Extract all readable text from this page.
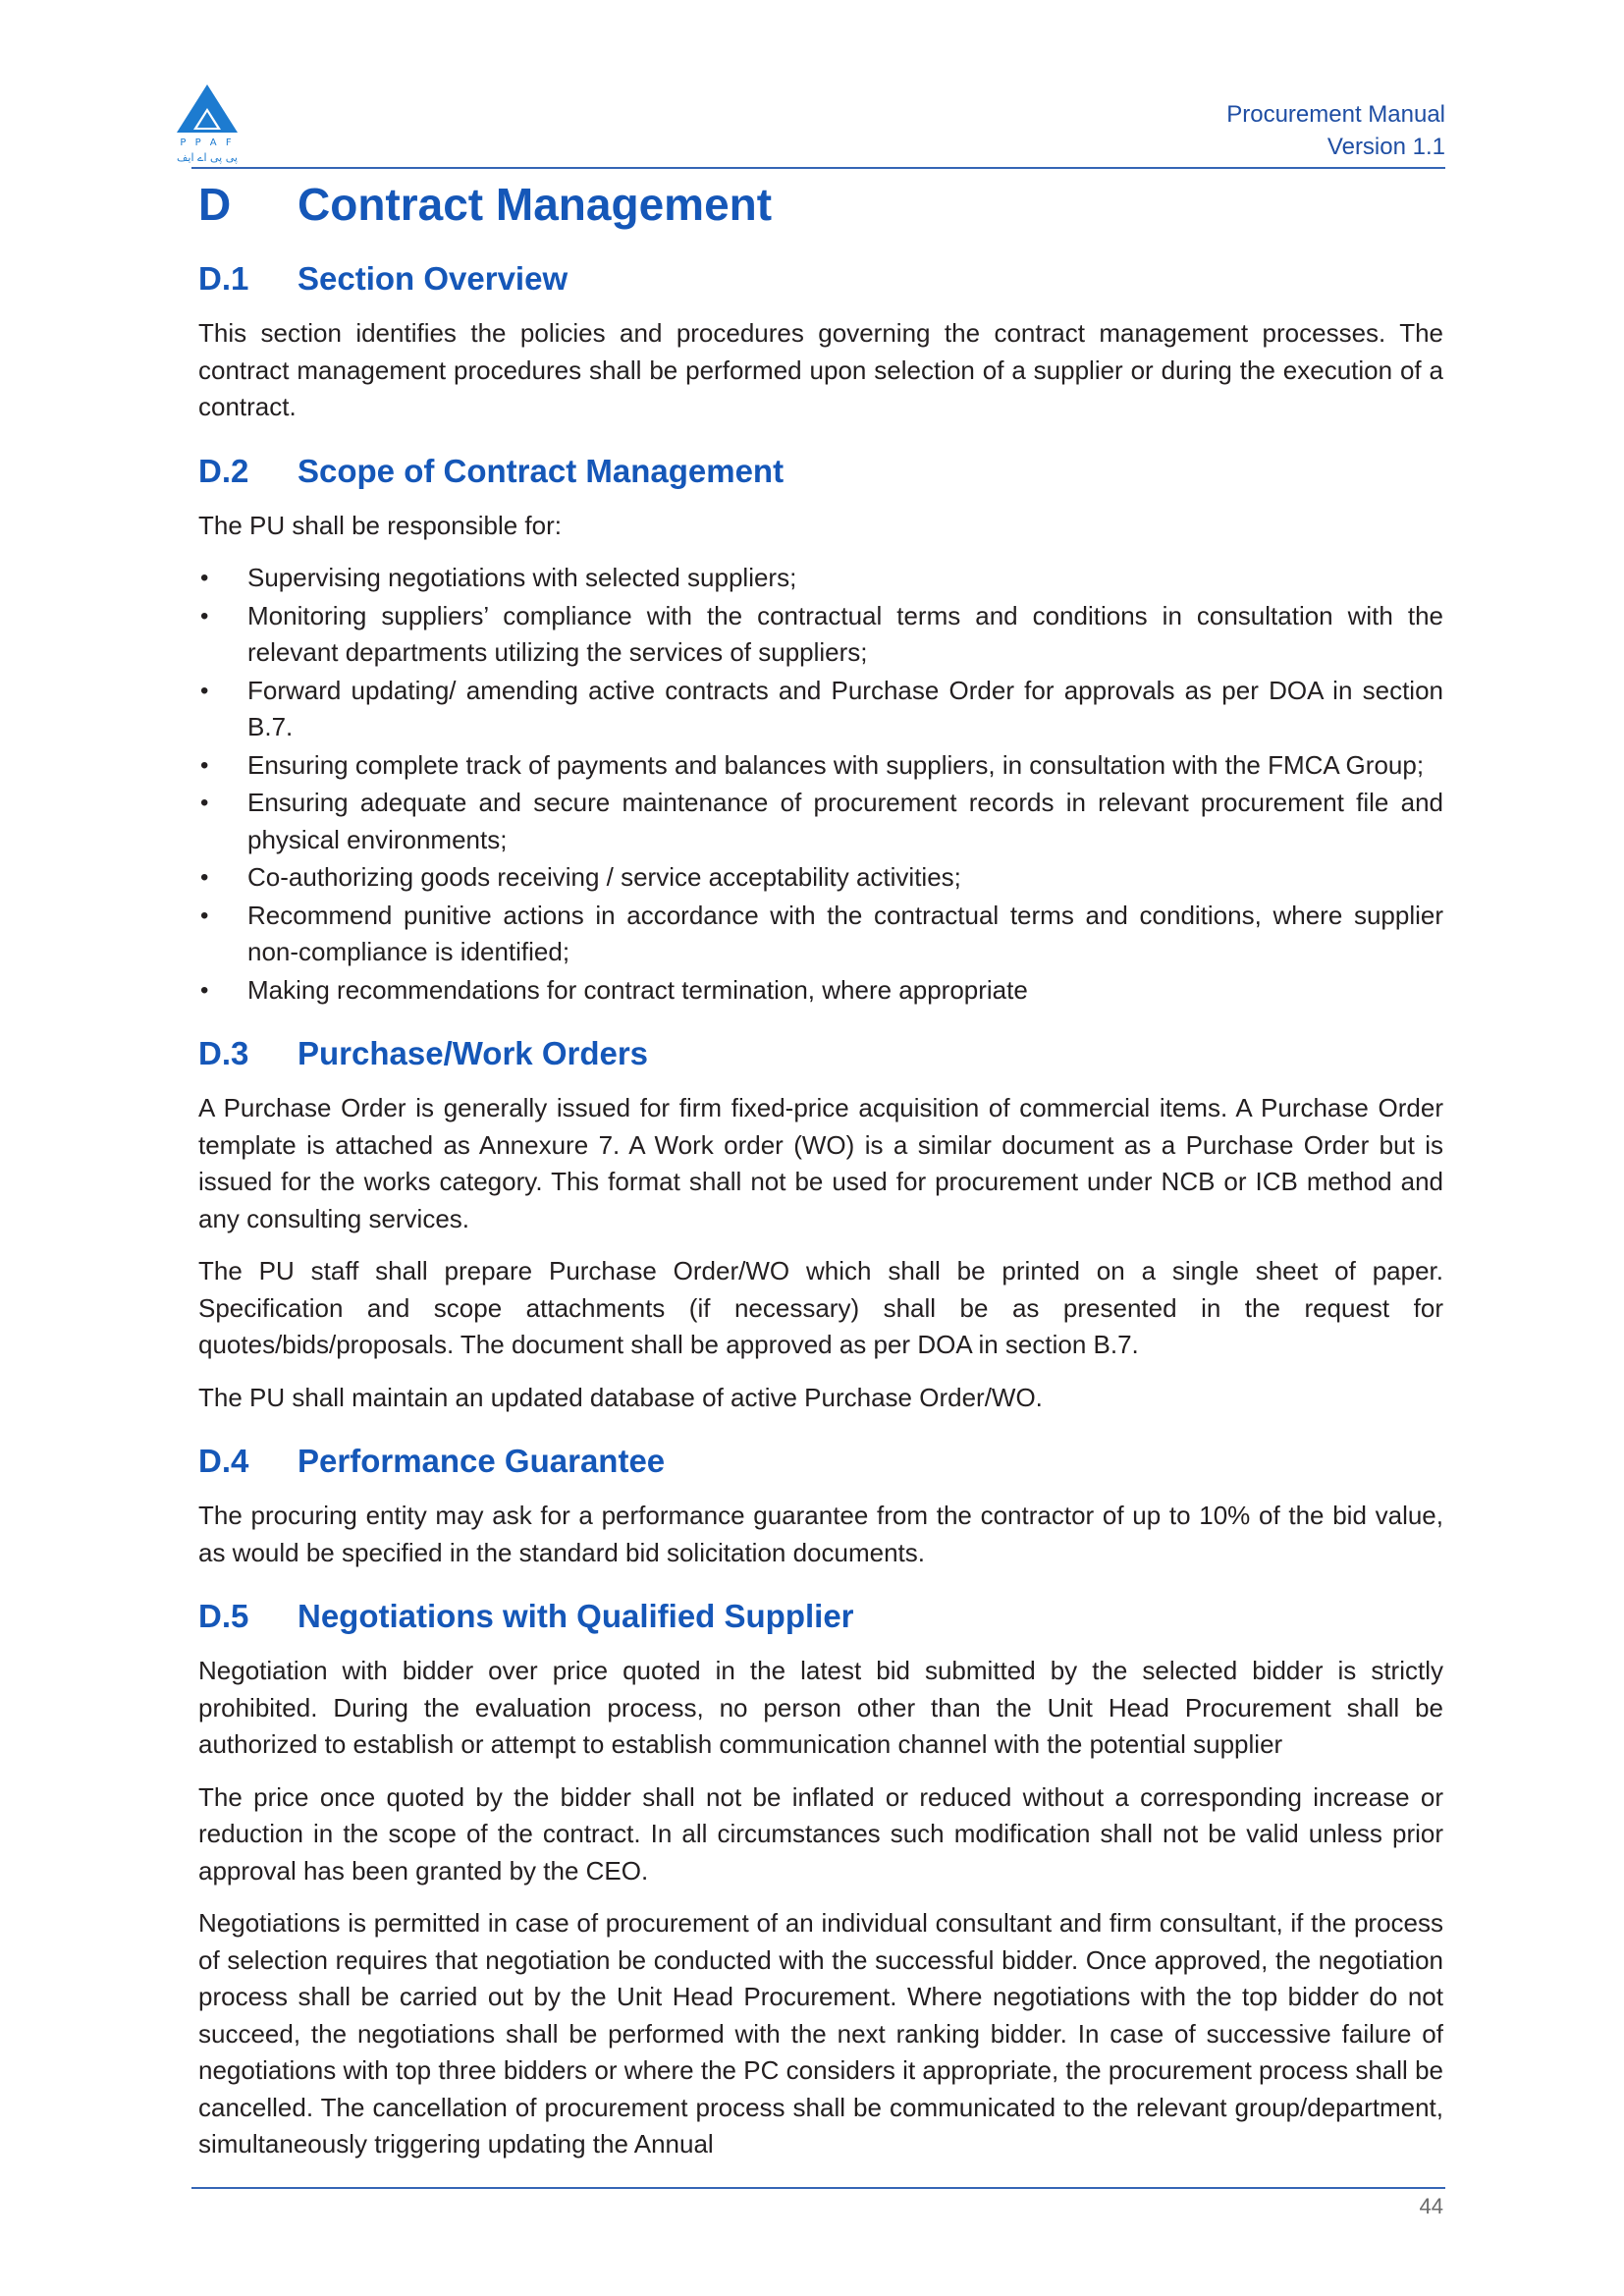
P P A F
پی پی اے ایف
Procurement Manual
Version 1.1
D Contract Management
D.1 Section Overview

This section identifies the policies and procedures governing the contract management processes. The contract management procedures shall be performed upon selection of a supplier or during the execution of a contract.

D.2 Scope of Contract Management

The PU shall be responsible for:

• Supervising negotiations with selected suppliers;
• Monitoring suppliers’ compliance with the contractual terms and conditions in consultation with the relevant departments utilizing the services of suppliers;
• Forward updating/ amending active contracts and Purchase Order for approvals as per DOA in section B.7.
• Ensuring complete track of payments and balances with suppliers, in consultation with the FMCA Group;
• Ensuring adequate and secure maintenance of procurement records in relevant procurement file and physical environments;
• Co-authorizing goods receiving / service acceptability activities;
• Recommend punitive actions in accordance with the contractual terms and conditions, where supplier non-compliance is identified;
• Making recommendations for contract termination, where appropriate
D.3 Purchase/Work Orders

A Purchase Order is generally issued for firm fixed-price acquisition of commercial items. A Purchase Order template is attached as Annexure 7. A Work order (WO) is a similar document as a Purchase Order but is issued for the works category. This format shall not be used for procurement under NCB or ICB method and any consulting services.

The PU staff shall prepare Purchase Order/WO which shall be printed on a single sheet of paper. Specification and scope attachments (if necessary) shall be as presented in the request for quotes/bids/proposals. The document shall be approved as per DOA in section B.7.

The PU shall maintain an updated database of active Purchase Order/WO.

D.4 Performance Guarantee

The procuring entity may ask for a performance guarantee from the contractor of up to 10% of the bid value, as would be specified in the standard bid solicitation documents.

D.5 Negotiations with Qualified Supplier

Negotiation with bidder over price quoted in the latest bid submitted by the selected bidder is strictly prohibited. During the evaluation process, no person other than the Unit Head Procurement shall be authorized to establish or attempt to establish communication channel with the potential supplier

The price once quoted by the bidder shall not be inflated or reduced without a corresponding increase or reduction in the scope of the contract. In all circumstances such modification shall not be valid unless prior approval has been granted by the CEO.

Negotiations is permitted in case of procurement of an individual consultant and firm consultant, if the process of selection requires that negotiation be conducted with the successful bidder. Once approved, the negotiation process shall be carried out by the Unit Head Procurement. Where negotiations with the top bidder do not succeed, the negotiations shall be performed with the next ranking bidder. In case of successive failure of negotiations with top three bidders or where the PC considers it appropriate, the procurement process shall be cancelled. The cancellation of procurement process shall be communicated to the relevant group/department, simultaneously triggering updating the Annual

44
